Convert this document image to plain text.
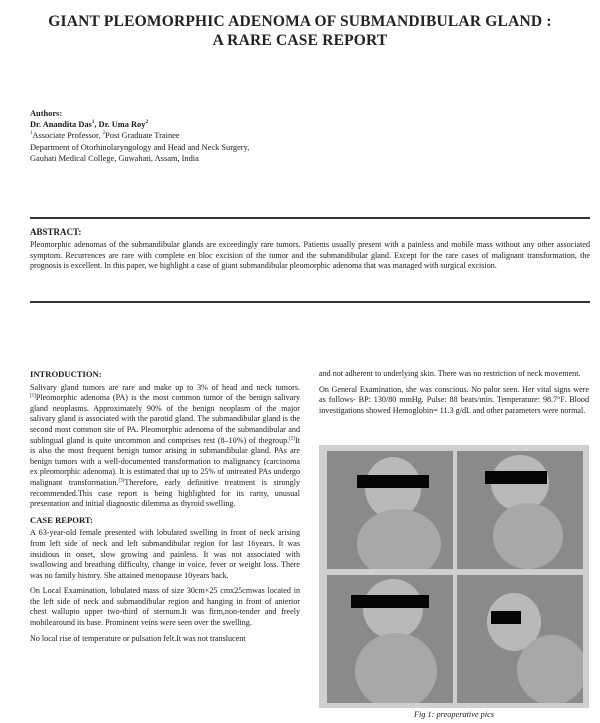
GIANT PLEOMORPHIC ADENOMA OF SUBMANDIBULAR GLAND :
A RARE CASE REPORT
Authors:
Dr. Anandita Das$^1$, Dr. Uma Roy$^2$
$^1$Associate Professor, $^2$Post Graduate Trainee
Department of Otorhinolaryngology and Head and Neck Surgery,
Gauhati Medical College, Guwahati, Assam, India
ABSTRACT:
Pleomorphic adenomas of the submandibular glands are exceedingly rare tumors. Patients usually present with a painless and mobile mass without any other associated symptom. Recurrences are rare with complete en bloc excision of the tumor and the submandibular gland. Except for the rare cases of malignant transformation, the prognosis is excellent. In this paper, we highlight a case of giant submandibular pleomorphic adenoma that was managed with surgical excision.
INTRODUCTION:

Salivary gland tumors are rare and make up to 3% of head and neck tumors.[1]Pleomorphic adenoma (PA) is the most common tumor of the benign salivary gland neoplasms. Approximately 90% of the benign neoplasm of the major salivary gland is associated with the parotid gland. The submandibular gland is the second most common site of PA. Pleomorphic adenoma of the submandibular and sublingual gland is quite uncommon and comprises rest (8–10%) of thegroup.[2]It is also the most frequent benign tumor arising in submandibular gland. PAs are benign tumors with a well-documented transformation to malignancy (carcinoma ex pleomorphic adenoma). It is estimated that up to 25% of untreated PAs undergo malignant transformation.[3]Therefore, early definitive treatment is strongly recommended.This case report is being highlighted for its rarity, unusual presentation and initial diagnostic dilemma as thyroid swelling.

CASE REPORT:

A 63-year-old female presented with lobulated swelling in front of neck arising from left side of neck and left submandibular region for last 16years. It was insidious in onset, slow growing and painless. It was not associated with swallowing and breathing difficulty, change in voice, fever or weight loss. There was no family history. She attained menopause 10years back.

On Local Examination, lobulated mass of size 30cm×25 cmx25cmwas located in the left side of neck and submandibular region and hanging in front of anterior chest wallupto upper two-third of sternum.It was firm,non-tender and freely mobilearound its base. Prominent veins were seen over the swelling.

No local rise of temperature or pulsation felt.It was not translucent

and not adherent to underlying skin. There was no restriction of neck movement.

On General Examination, she was conscious. No palor seen. Her vital signs were as follows- BP: 130/80 mmHg. Pulse: 88 beats/min. Temperature: 98.7°F. Blood investigations showed Hemoglobin= 11.3 g/dL and other parameters were normal.

Fig 1: preoperative pics
